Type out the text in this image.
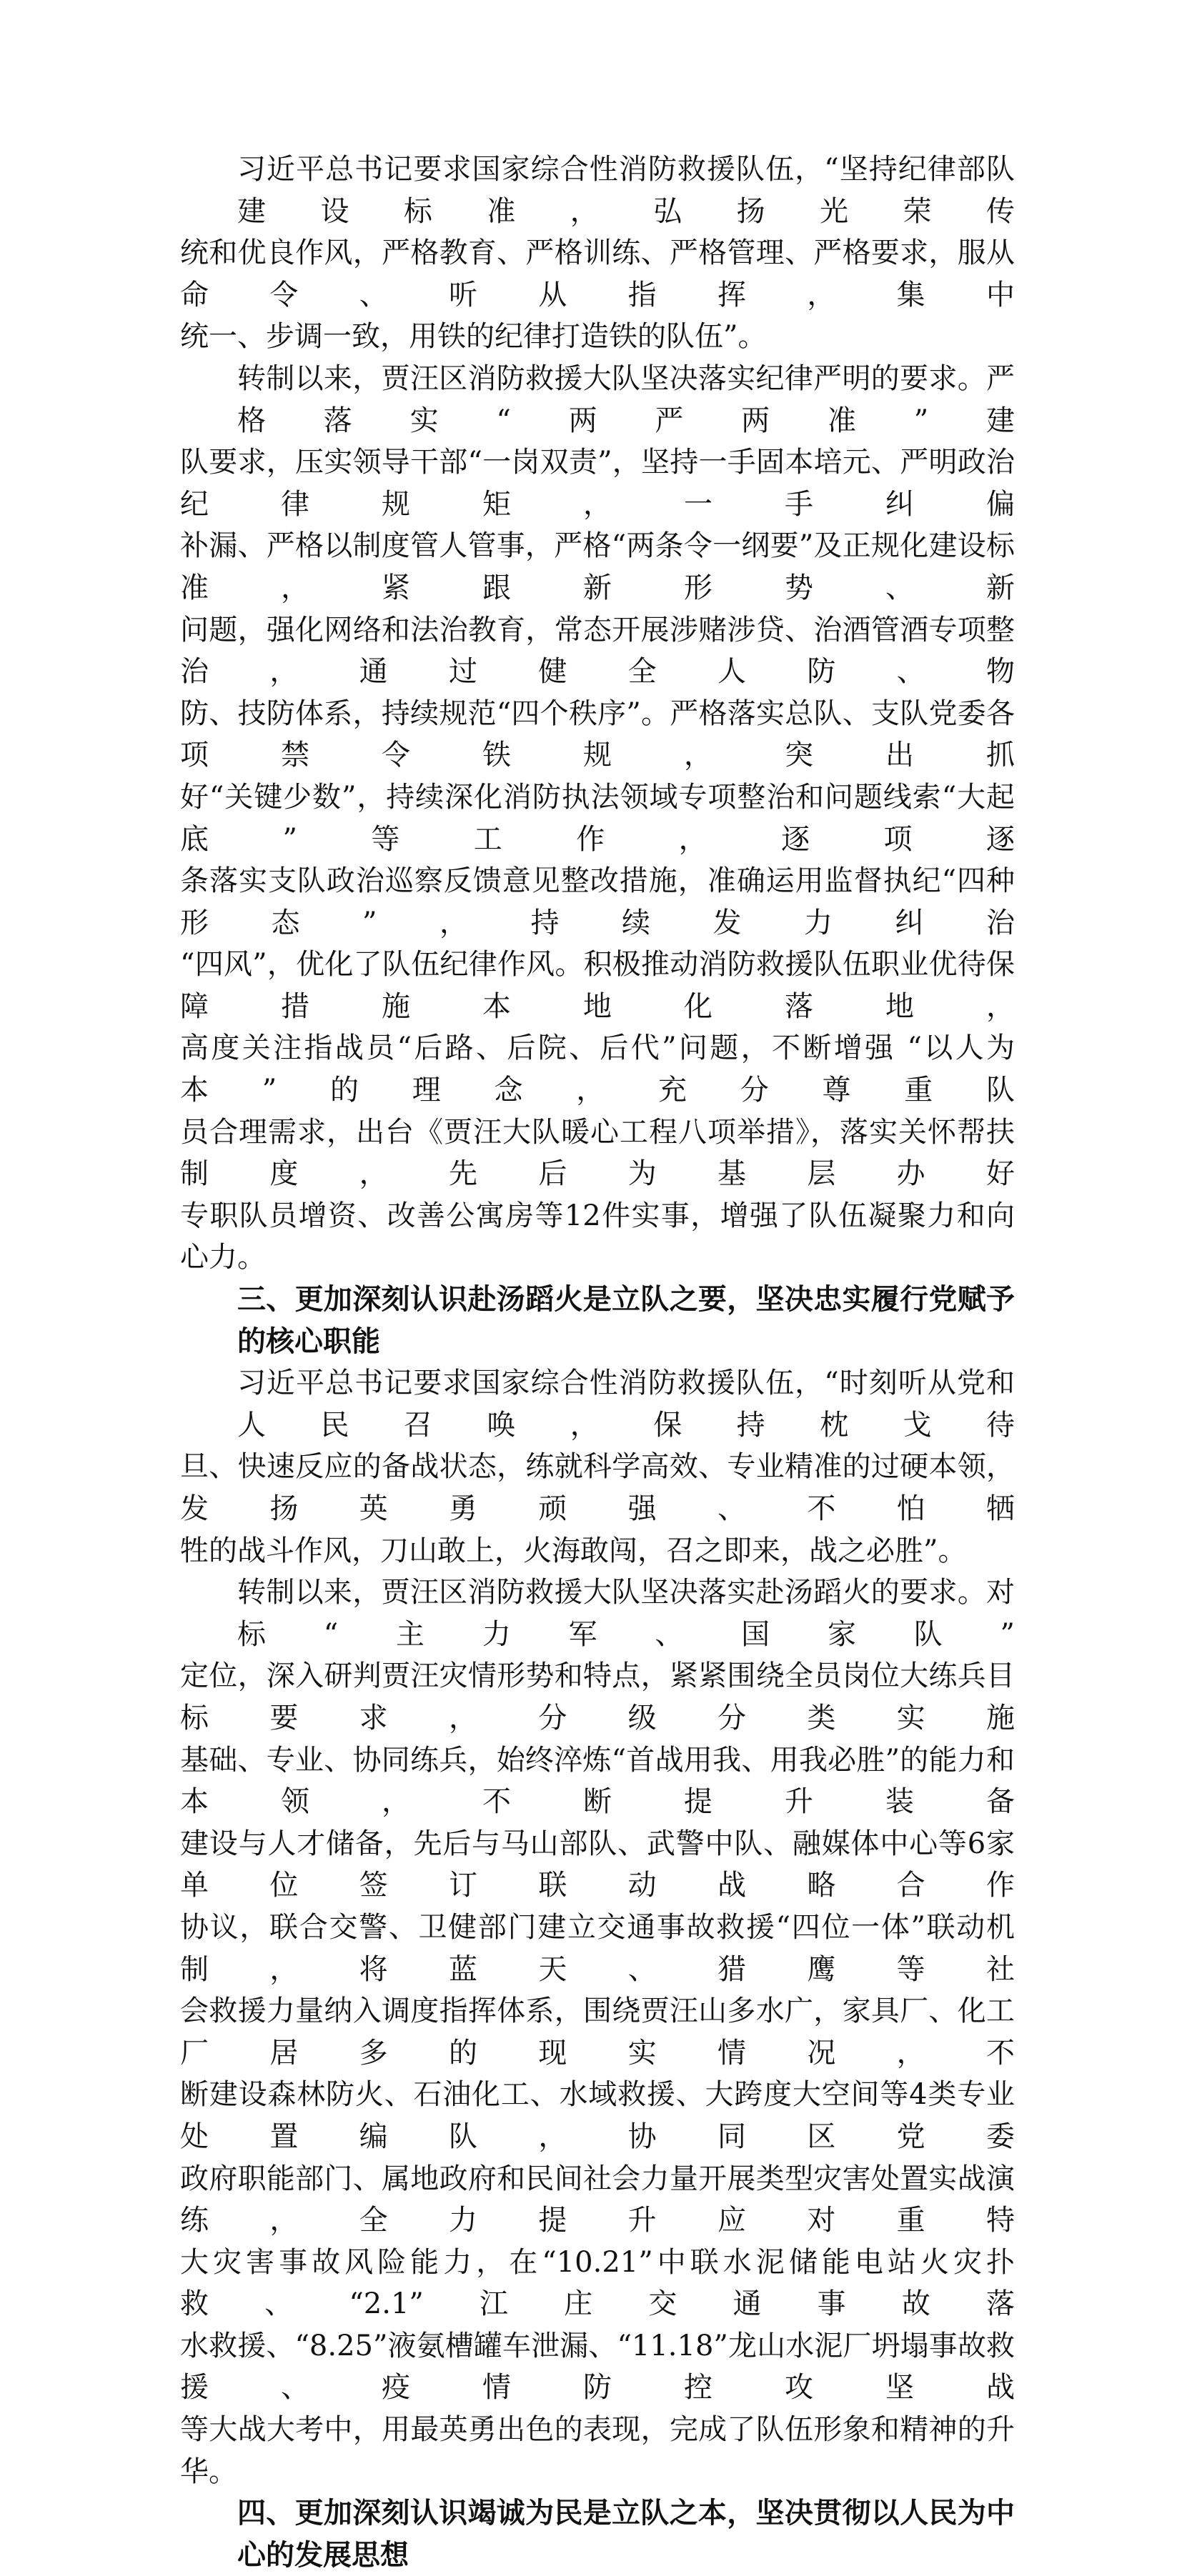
习近平总书记要求国家综合性消防救援队伍，“坚持纪律部队建设标准，弘扬光荣传
统和优良作风，严格教育、严格训练、严格管理、严格要求，服从命令、听从指挥，集中
统一、步调一致，用铁的纪律打造铁的队伍”。
转制以来，贾汪区消防救援大队坚决落实纪律严明的要求。严格落实“两严两准”建
队要求，压实领导干部“一岗双责”，坚持一手固本培元、严明政治纪律规矩，一手纠偏
补漏、严格以制度管人管事，严格“两条令一纲要”及正规化建设标准，紧跟新形势、新
问题，强化网络和法治教育，常态开展涉赌涉贷、治酒管酒专项整治，通过健全人防、物
防、技防体系，持续规范“四个秩序”。严格落实总队、支队党委各项禁令铁规，突出抓
好“关键少数”，持续深化消防执法领域专项整治和问题线索“大起底”等工作，逐项逐
条落实支队政治巡察反馈意见整改措施，准确运用监督执纪“四种形态”，持续发力纠治
“四风”，优化了队伍纪律作风。积极推动消防救援队伍职业优待保障措施本地化落地，
高度关注指战员“后路、后院、后代”问题，不断增强 “以人为本”的理念，充分尊重队
员合理需求，出台《贾汪大队暖心工程八项举措》，落实关怀帮扶制度，先后为基层办好
专职队员增资、改善公寓房等12件实事，增强了队伍凝聚力和向心力。
三、更加深刻认识赴汤蹈火是立队之要，坚决忠实履行党赋予的核心职能
习近平总书记要求国家综合性消防救援队伍，“时刻听从党和人民召唤，保持枕戈待
旦、快速反应的备战状态，练就科学高效、专业精准的过硬本领，发扬英勇顽强、不怕牺
牲的战斗作风，刀山敢上，火海敢闯，召之即来，战之必胜”。
转制以来，贾汪区消防救援大队坚决落实赴汤蹈火的要求。对标“主力军、国家队”
定位，深入研判贾汪灾情形势和特点，紧紧围绕全员岗位大练兵目标要求，分级分类实施
基础、专业、协同练兵，始终淬炼“首战用我、用我必胜”的能力和本领，不断提升装备
建设与人才储备，先后与马山部队、武警中队、融媒体中心等6家单位签订联动战略合作
协议，联合交警、卫健部门建立交通事故救援“四位一体”联动机制，将蓝天、猎鹰等社
会救援力量纳入调度指挥体系，围绕贾汪山多水广，家具厂、化工厂居多的现实情况，不
断建设森林防火、石油化工、水域救援、大跨度大空间等4类专业处置编队，协同区党委
政府职能部门、属地政府和民间社会力量开展类型灾害处置实战演练，全力提升应对重特
大灾害事故风险能力，在“10.21”中联水泥储能电站火灾扑救、“2.1”江庄交通事故落
水救援、“8.25”液氨槽罐车泄漏、“11.18”龙山水泥厂坍塌事故救援、疫情防控攻坚战
等大战大考中，用最英勇出色的表现，完成了队伍形象和精神的升华。
四、更加深刻认识竭诚为民是立队之本，坚决贯彻以人民为中心的发展思想
